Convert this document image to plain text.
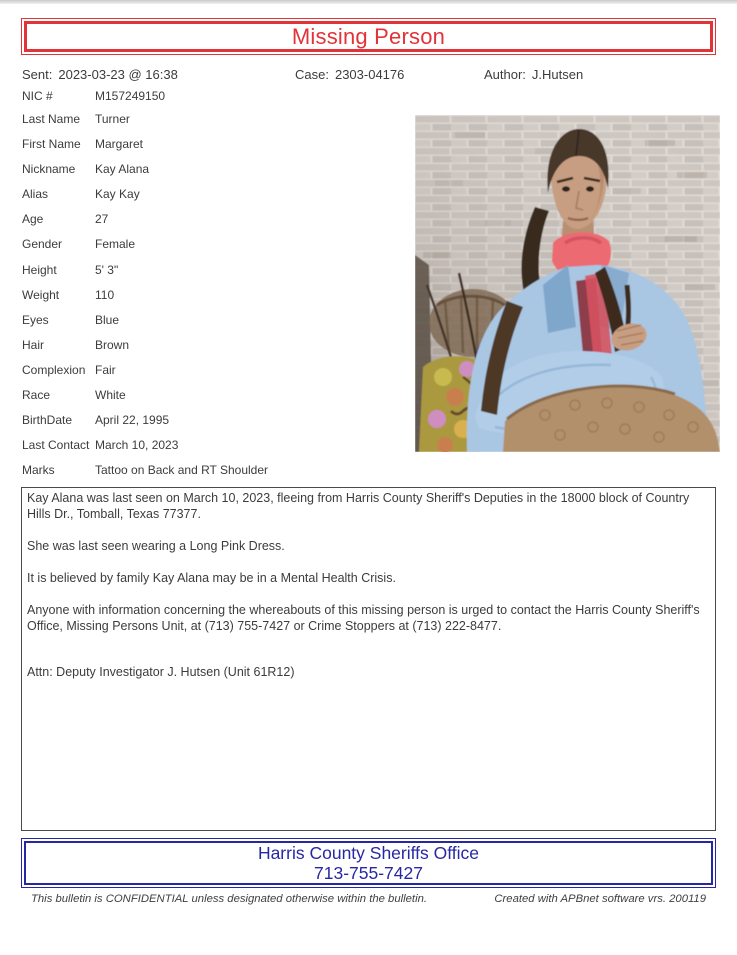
Missing Person
Sent: 2023-03-23 @ 16:38	Case: 2303-04176	Author: J.Hutsen
NIC #	M157249150
Last Name	Turner
First Name	Margaret
Nickname	Kay Alana
Alias	Kay Kay
Age	27
Gender	Female
Height	5' 3"
Weight	110
Eyes	Blue
Hair	Brown
Complexion Fair
Race	White
BirthDate	April 22, 1995
Last Contact March 10, 2023
Marks	Tattoo on Back and RT Shoulder

Kay Alana was last seen on March 10, 2023, fleeing from Harris County Sheriff's Deputies in the 18000 block of Country Hills Dr., Tomball, Texas 77377.

She was last seen wearing a Long Pink Dress.

It is believed by family Kay Alana may be in a Mental Health Crisis.

Anyone with information concerning the whereabouts of this missing person is urged to contact the Harris County Sheriff's Office, Missing Persons Unit, at (713) 755-7427 or Crime Stoppers at (713) 222-8477.

Attn: Deputy Investigator J. Hutsen (Unit 61R12)

Harris County Sheriffs Office
713-755-7427
This bulletin is CONFIDENTIAL unless designated otherwise within the bulletin.	Created with APBnet software vrs. 200119
